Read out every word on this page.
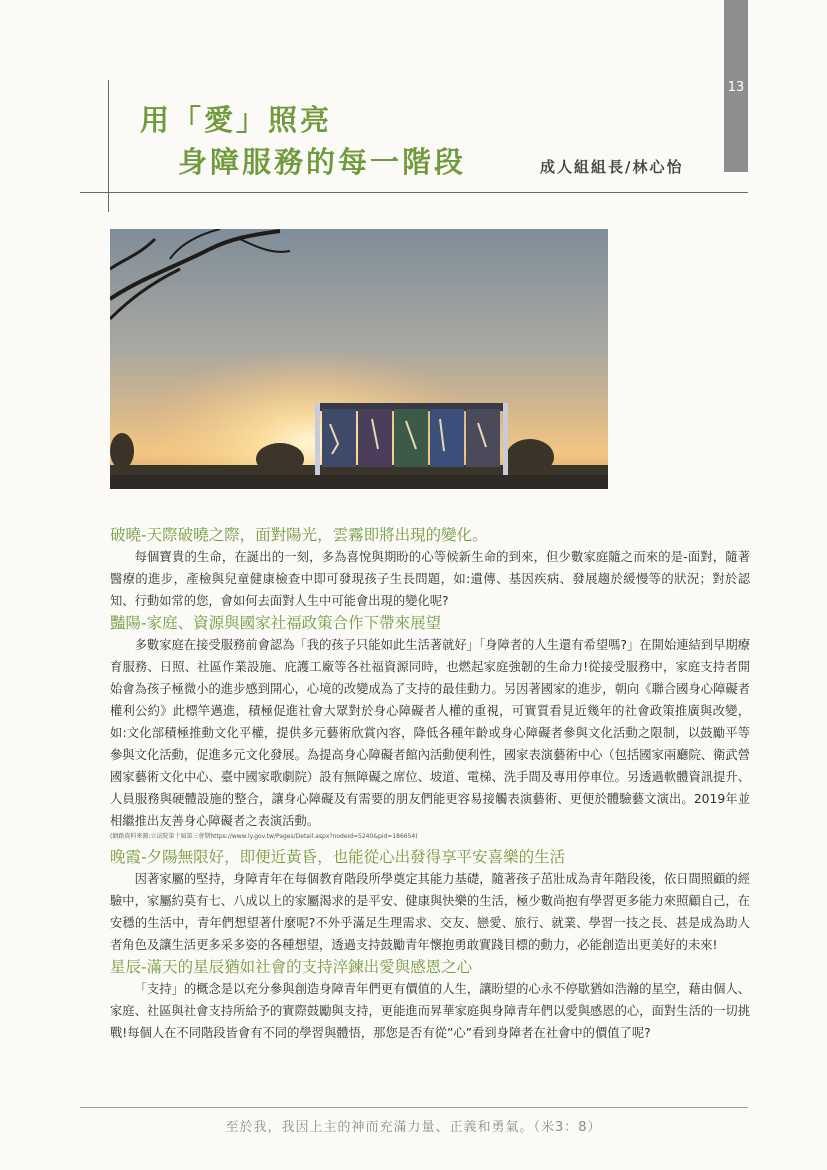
13
用「愛」照亮
身障服務的每一階段	成人組組長/林心怡

破曉-天際破曉之際，面對陽光，雲霧即將出現的變化。

每個寶貴的生命，在誕出的一刻，多為喜悅與期盼的心等候新生命的到來，但少數家庭隨之而來的是-面對，隨著醫療的進步，產檢與兒童健康檢查中即可發現孩子生長問題，如:遺傳、基因疾病、發展趨於緩慢等的狀況；對於認知、行動如常的您，會如何去面對人生中可能會出現的變化呢?

豔陽-家庭、資源與國家社福政策合作下帶來展望

多數家庭在接受服務前會認為「我的孩子只能如此生活著就好」「身障者的人生還有希望嗎?」在開始連結到早期療育服務、日照、社區作業設施、庇護工廠等各社福資源同時，也燃起家庭強韌的生命力!從接受服務中，家庭支持者開始會為孩子極微小的進步感到開心，心境的改變成為了支持的最佳動力。另因著國家的進步，朝向《聯合國身心障礙者權利公約》此標竿邁進，積極促進社會大眾對於身心障礙者人權的重視，可實質看見近幾年的社會政策推廣與改變，如:文化部積極推動文化平權，提供多元藝術欣賞內容，降低各種年齡或身心障礙者參與文化活動之限制，以鼓勵平等參與文化活動，促進多元文化發展。為提高身心障礙者館內活動便利性，國家表演藝術中心（包括國家兩廳院、衛武營國家藝術文化中心、臺中國家歌劇院）設有無障礙之席位、坡道、電梯、洗手間及專用停車位。另透過軟體資訊提升、人員服務與硬體設施的整合，讓身心障礙及有需要的朋友們能更容易接觸表演藝術、更便於體驗藝文演出。2019年並相繼推出友善身心障礙者之表演活動。

(網路資料來源:立法院第十屆第三會期https://www.ly.gov.tw/Pages/Detail.aspx?nodeid=5240&pid=186654)

晚霞-夕陽無限好，即便近黃昏，也能從心出發得享平安喜樂的生活

因著家屬的堅持，身障青年在每個教育階段所學奠定其能力基礎，隨著孩子茁壯成為青年階段後，依日間照顧的經驗中，家屬約莫有七、八成以上的家屬渴求的是平安、健康與快樂的生活，極少數尚抱有學習更多能力來照顧自己，在安穩的生活中，青年們想望著什麼呢?不外乎滿足生理需求、交友、戀愛、旅行、就業、學習一技之長、甚是成為助人者角色及讓生活更多采多姿的各種想望，透過支持鼓勵青年懷抱勇敢實踐目標的動力，必能創造出更美好的未來!

星辰-滿天的星辰猶如社會的支持淬鍊出愛與感恩之心

「支持」的概念是以充分參與創造身障青年們更有價值的人生，讓盼望的心永不停歇猶如浩瀚的星空，藉由個人、家庭、社區與社會支持所給予的實際鼓勵與支持，更能進而昇華家庭與身障青年們以愛與感恩的心，面對生活的一切挑戰!每個人在不同階段皆會有不同的學習與體悟，那您是否有從”心”看到身障者在社會中的價值了呢?

至於我，我因上主的神而充滿力量、正義和勇氣。（米3：8）
